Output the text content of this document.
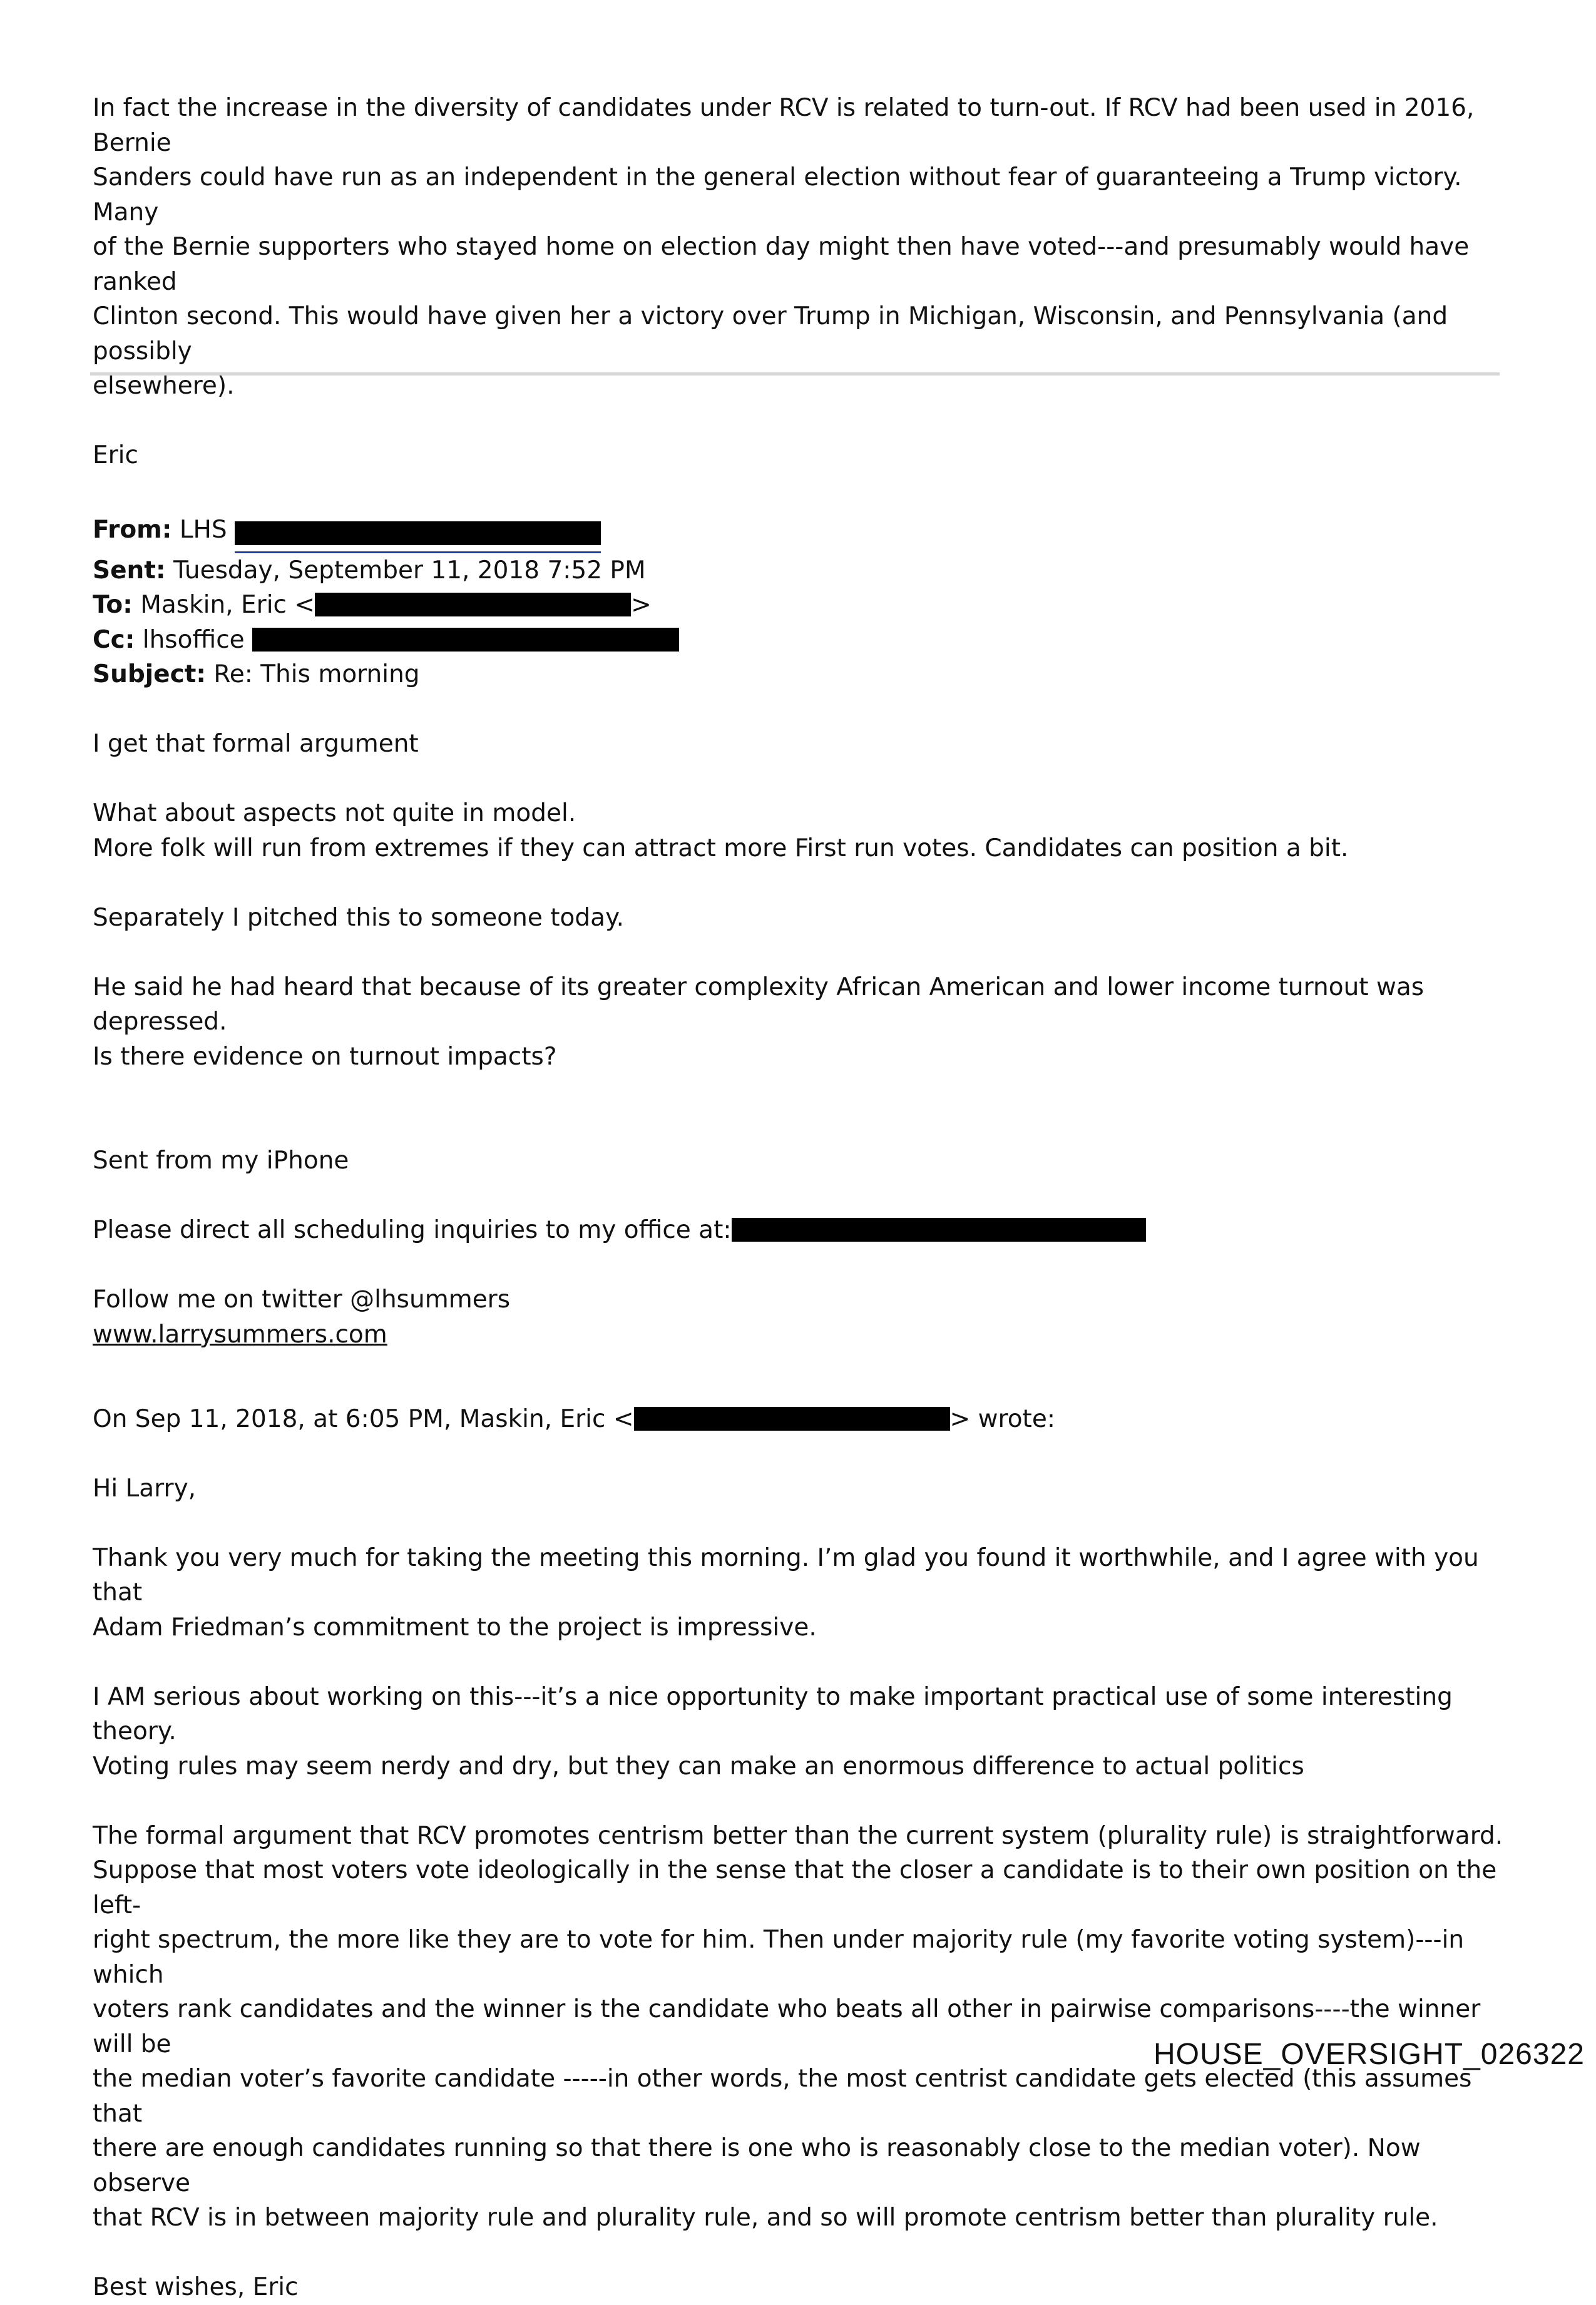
In fact the increase in the diversity of candidates under RCV is related to turn-out. If RCV had been used in 2016, Bernie

Sanders could have run as an independent in the general election without fear of guaranteeing a Trump victory. Many

of the Bernie supporters who stayed home on election day might then have voted---and presumably would have ranked

Clinton second. This would have given her a victory over Trump in Michigan, Wisconsin, and Pennsylvania (and possibly

elsewhere).

Eric

From: LHS

Sent: Tuesday, September 11, 2018 7:52 PM

To: Maskin, Eric <	>

Cc: lhsoffice

Subject: Re: This morning

I get that formal argument

What about aspects not quite in model.

More folk will run from extremes if they can attract more First run votes. Candidates can position a bit.

Separately I pitched this to someone today.

He said he had heard that because of its greater complexity African American and lower income turnout was depressed.

Is there evidence on turnout impacts?

Sent from my iPhone

Please direct all scheduling inquiries to my office at:

Follow me on twitter @lhsummers

www.larrysummers.com

On Sep 11, 2018, at 6:05 PM, Maskin, Eric <	> wrote:

Hi Larry,

Thank you very much for taking the meeting this morning. I’m glad you found it worthwhile, and I agree with you that

Adam Friedman’s commitment to the project is impressive.

I AM serious about working on this---it’s a nice opportunity to make important practical use of some interesting theory.

Voting rules may seem nerdy and dry, but they can make an enormous difference to actual politics

The formal argument that RCV promotes centrism better than the current system (plurality rule) is straightforward.

Suppose that most voters vote ideologically in the sense that the closer a candidate is to their own position on the left-

right spectrum, the more like they are to vote for him. Then under majority rule (my favorite voting system)---in which

voters rank candidates and the winner is the candidate who beats all other in pairwise comparisons----the winner will be

the median voter’s favorite candidate -----in other words, the most centrist candidate gets elected (this assumes that

there are enough candidates running so that there is one who is reasonably close to the median voter). Now observe

that RCV is in between majority rule and plurality rule, and so will promote centrism better than plurality rule.

Best wishes, Eric

HOUSE_OVERSIGHT_026322
